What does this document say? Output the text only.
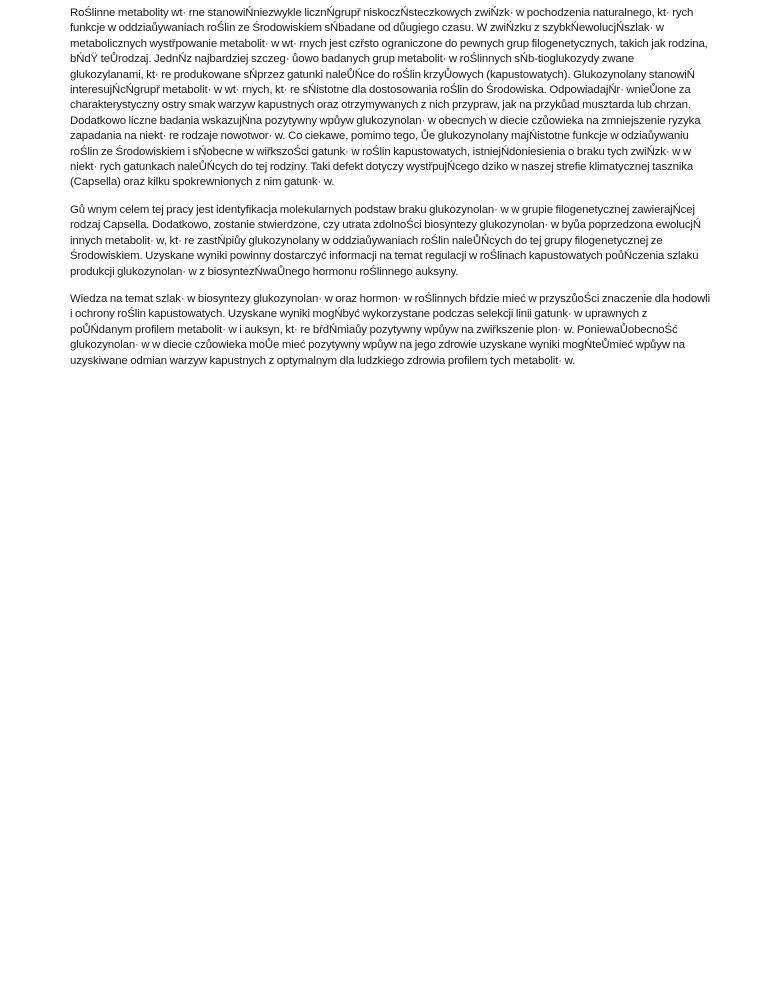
RoŚlinne metabolity wt· rne stanowiŃniezwykle licznŃgrupř niskoczŃsteczkowych zwiŃzk· w pochodzenia naturalnego, kt· rych funkcje w oddziaůywaniach roŚlin ze Środowiskiem sŃbadane od důugiego czasu. W zwiŃzku z szybkŃewolucjŃszlak· w metabolicznych wystřpowanie metabolit· w wt· rnych jest czřsto ograniczone do pewnych grup filogenetycznych, takich jak rodzina, bŃdŸ teŮrodzaj. JednŃz najbardziej szczeg· ůowo badanych grup metabolit· w roŚlinnych sŃb-tioglukozydy zwane glukozylanami, kt· re produkowane sŃprzez gatunki naleŮŃce do roŚlin krzyŮowych (kapustowatych). Glukozynolany stanowiŃ interesujŃcŃgrupř metabolit· w wt· rnych, kt· re sŃistotne dla dostosowania roŚlin do Środowiska. OdpowiadajŃr· wnieŮone za charakterystyczny ostry smak warzyw kapustnych oraz otrzymywanych z nich przypraw, jak na przykůad musztarda lub chrzan. Dodatkowo liczne badania wskazujŃna pozytywny wpůyw glukozynolan· w obecnych w diecie czůowieka na zmniejszenie ryzyka zapadania na niekt· re rodzaje nowotwor· w. Co ciekawe, pomimo tego, Ůe glukozynolany majŃistotne funkcje w odziaůywaniu roŚlin ze Środowiskiem i sŃobecne w wiřkszoŚci gatunk· w roŚlin kapustowatych, istniejŃdoniesienia o braku tych zwiŃzk· w w niekt· rych gatunkach naleŮŃcych do tej rodziny. Taki defekt dotyczy wystřpujŃcego dziko w naszej strefie klimatycznej tasznika (Capsella) oraz kilku spokrewnionych z nim gatunk· w.

Gů wnym celem tej pracy jest identyfikacja molekularnych podstaw braku glukozynolan· w w grupie filogenetycznej zawierajŃcej rodzaj Capsella. Dodatkowo, zostanie stwierdzone, czy utrata zdolnoŚci biosyntezy glukozynolan· w byůa poprzedzona ewolucjŃ innych metabolit· w, kt· re zastŃpiůy glukozynolany w oddziaůywaniach roŚlin naleŮŃcych do tej grupy filogenetycznej ze Środowiskiem. Uzyskane wyniki powinny dostarczyć informacji na temat regulacji w roŚlinach kapustowatych poůŃczenia szlaku produkcji glukozynolan· w z biosyntezŃwaŮnego hormonu roŚlinnego auksyny.

Wiedza na temat szlak· w biosyntezy glukozynolan· w oraz hormon· w roŚlinnych bŕdzie mieć w przyszůoŚci znaczenie dla hodowli i ochrony roŚlin kapustowatych. Uzyskane wyniki mogŃbyć wykorzystane podczas selekcji linii gatunk· w uprawnych z poŮŃdanym profilem metabolit· w i auksyn, kt· re bŕdŃmiaůy pozytywny wpůyw na zwiřkszenie plon· w. PoniewaŮobecnoŚć glukozynolan· w w diecie czůowieka moŮe mieć pozytywny wpůyw na jego zdrowie uzyskane wyniki mogŃteŮmieć wpůyw na uzyskiwane odmian warzyw kapustnych z optymalnym dla ludzkiego zdrowia profilem tych metabolit· w.
